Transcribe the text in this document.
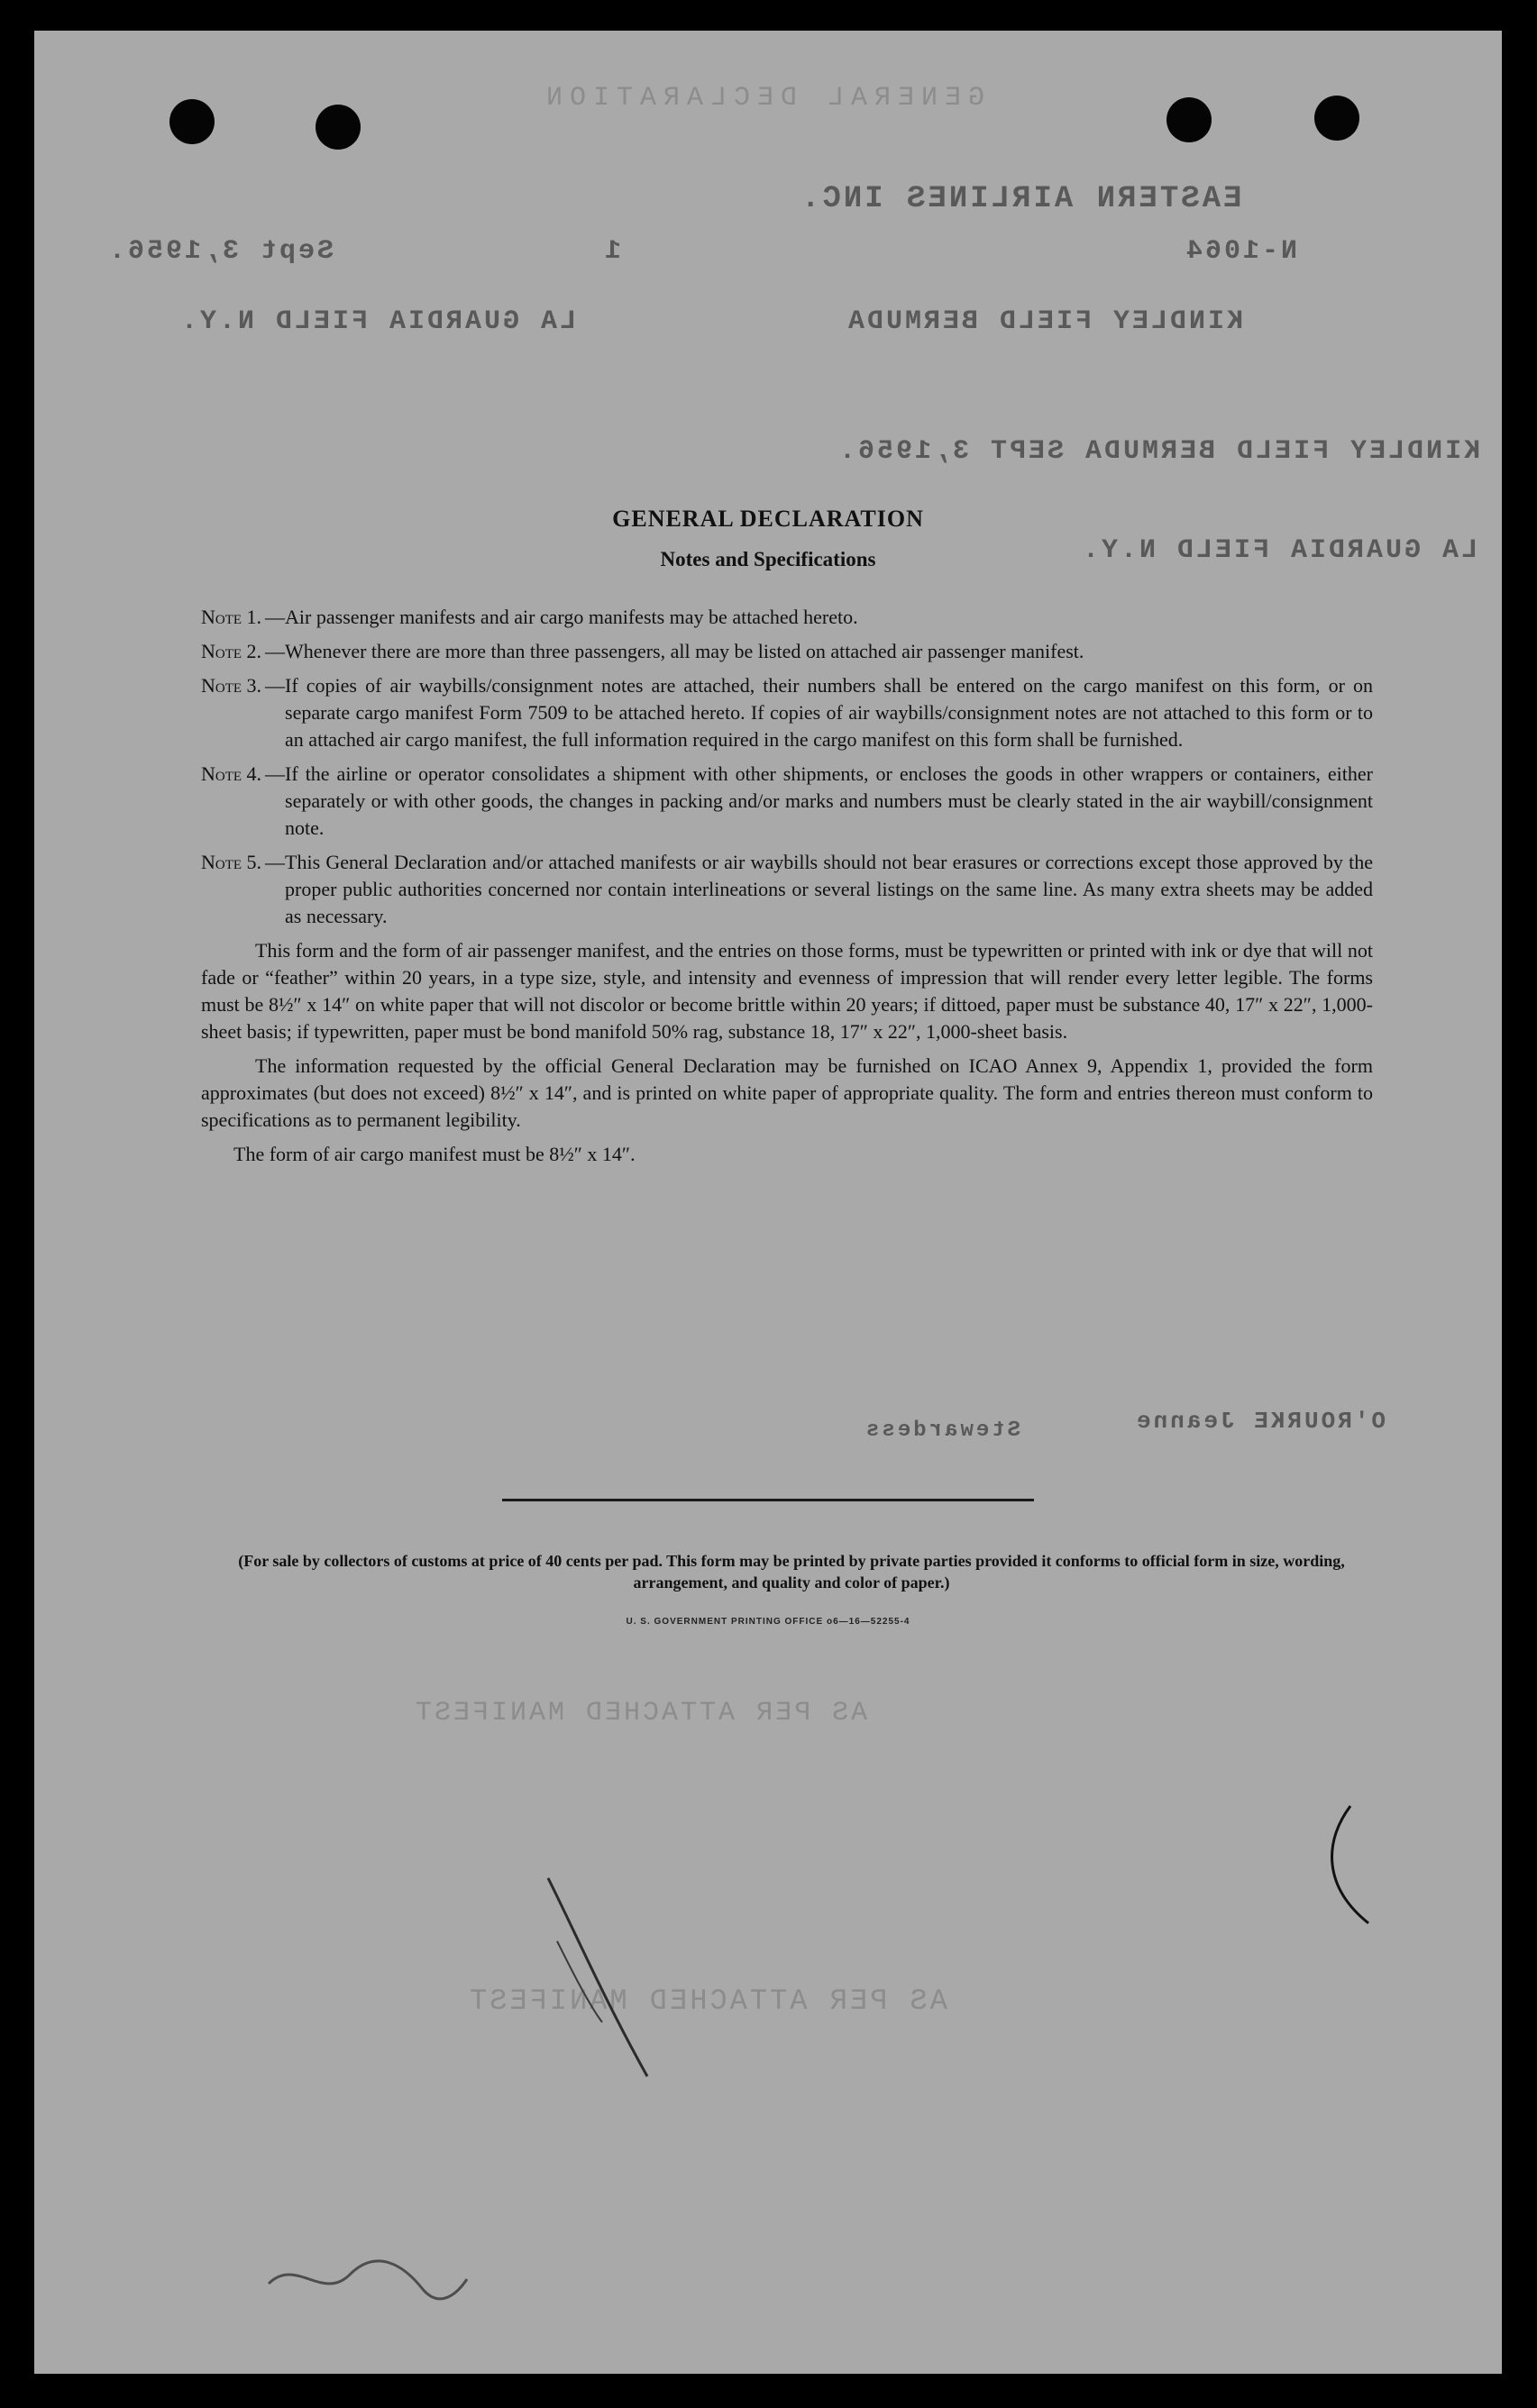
GENERAL DECLARATION
EASTERN AIRLINES INC.
N-1064
1
Sept 3,1956.
KINDLEY FIELD BERMUDA
LA GUARDIA FIELD N.Y.
KINDLEY FIELD BERMUDA SEPT 3,1956.
LA GUARDIA FIELD N.Y.
O'ROURKE Jeanne
Stewardess
AS PER ATTACHED MANIFEST
AS PER ATTACHED MANIFEST
GENERAL DECLARATION
Notes and Specifications
Note 1. — Air passenger manifests and air cargo manifests may be attached hereto.
Note 2. — Whenever there are more than three passengers, all may be listed on attached air passenger manifest.
Note 3. — If copies of air waybills/consignment notes are attached, their numbers shall be entered on the cargo manifest on this form, or on separate cargo manifest Form 7509 to be attached hereto. If copies of air waybills/consignment notes are not attached to this form or to an attached air cargo manifest, the full information required in the cargo manifest on this form shall be furnished.
Note 4. — If the airline or operator consolidates a shipment with other shipments, or encloses the goods in other wrappers or containers, either separately or with other goods, the changes in packing and/or marks and numbers must be clearly stated in the air waybill/consignment note.
Note 5. — This General Declaration and/or attached manifests or air waybills should not bear erasures or corrections except those approved by the proper public authorities concerned nor contain interlineations or several listings on the same line. As many extra sheets may be added as necessary.

This form and the form of air passenger manifest, and the entries on those forms, must be typewritten or printed with ink or dye that will not fade or “feather” within 20 years, in a type size, style, and intensity and evenness of impression that will render every letter legible. The forms must be 8½″ x 14″ on white paper that will not discolor or become brittle within 20 years; if dittoed, paper must be substance 40, 17″ x 22″, 1,000-sheet basis; if typewritten, paper must be bond manifold 50% rag, substance 18, 17″ x 22″, 1,000-sheet basis.

The information requested by the official General Declaration may be furnished on ICAO Annex 9, Appendix 1, provided the form approximates (but does not exceed) 8½″ x 14″, and is printed on white paper of appropriate quality. The form and entries thereon must conform to specifications as to permanent legibility.

The form of air cargo manifest must be 8½″ x 14″.

(For sale by collectors of customs at price of 40 cents per pad. This form may be printed by private parties provided it conforms to official form in size, wording, arrangement, and quality and color of paper.)
U. S. GOVERNMENT PRINTING OFFICE o6—16—52255-4
